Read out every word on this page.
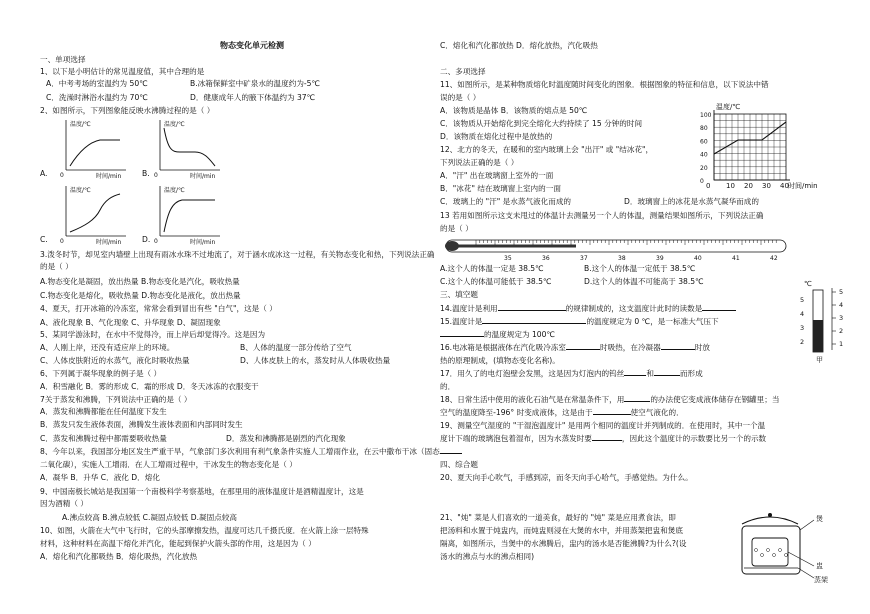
物态变化单元检测
一、单项选择
1、以下是小明估计的常见温度值，其中合理的是
A．中考考场的室温约为 50℃	B.冰箱保鲜室中矿泉水的温度约为-5℃
C．洗澡时淋浴水温约为 70℃	D．健康成年人的腋下体温约为 37℃
2、如图所示，下列图象能反映水沸腾过程的是（ ）
温度/℃
时间/min
0
A.
温度/℃
时间/min
0
B.
温度/℃
时间/min
0
C.
温度/℃
时间/min
0
D.
3.泼冬时节，却见室内墙壁上出现有雨冰水珠不过地流了，对于涵水成冰这一过程，有关物态变化和热，下列说法正确
的是（ ）
A.物态变化是凝固，放出热量 B.物态变化是汽化，吸收热量
C.物态变化是熔化，吸收热量 D.物态变化是液化，放出热量
4、夏天，打开冰箱的冷冻室，常常会看到冒出有些 "白气"，这是（ ）
A、液化现象 B、气化现象 C、升华现象 D、凝固现象
5、某同学游泳时，在水中不觉得冷，而上岸后却觉得冷。这是因为
A、人刚上岸，还没有适应岸上的环境。	B、人体的温度一部分传给了空气
C、人体皮肤附近的水蒸气，液化时吸收热量	D、人体皮肤上的水，蒸发时从人体吸收热量
6、下列属于凝华现象的例子是（ ）
A．积雪融化 B．雾的形成 C．霜的形成 D．冬天冰冻的衣服变干
7关于蒸发和沸腾，下列说法中正确的是（ ）
A．蒸发和沸腾都能在任何温度下发生
B．蒸发只发生液体表面，沸腾发生液体表面和内部同时发生
C．蒸发和沸腾过程中都需要吸收热量	D．蒸发和沸腾都是剧烈的汽化现象
8、今年以来，我国部分地区发生严重干旱，气象部门多次利用有利气象条件实施人工增雨作业，在云中撒布干冰（固态
二氧化碳），实施人工增雨．在人工增雨过程中，干冰发生的物态变化是（ ）
A．凝华 B．升华 C．液化 D．熔化
9、中国南极长城站是我国第一个南极科学考察基地，在那里用的液体温度计是酒精温度计，这是
因为酒精（ ）
A.沸点较高 B.沸点较低 C.凝固点较低 D.凝固点较高
10、如图，火箭在大气中飞行时，它的头部摩擦发热，温度可达几千摄氏度．在火箭上涂一层特殊
材料，这种材料在高温下熔化并汽化，能起到保护火箭头部的作用，这是因为（ ）
A．熔化和汽化都吸热 B．熔化吸热，汽化放热
C．熔化和汽化都放热 D．熔化放热，汽化吸热
二、多项选择
11、如图所示，是某种物质熔化时温度随时间变化的图象．根据图象的特征和信息，以下说法中错
误的是（ ）
A．该物质是晶体 B．该物质的熔点是 50℃
C．该物质从开始熔化到完全熔化大约持续了 15 分钟的时间
D．该物质在熔化过程中是放热的
12、北方的冬天，在暖和的室内玻璃上会 "出汗" 或 "结冰花"，
下列说法正确的是（ ）
A．"汗" 出在玻璃窗上室外的一面
B．"冰花" 结在玻璃窗上室内的一面
C．玻璃上的 "汗" 是水蒸气液化而成的	D．玻璃窗上的冰花是水蒸气凝华而成的
13 若用如图所示这支未甩过的体温计去测量另一个人的体温，测量结果如图所示，下列说法正确
的是（ ）
100
80
60
40
20
0
10 20 30 40
0
温度/℃
时间/min
35	36	37	38	39	40	41	42
A.这个人的体温一定是 38.5℃	B.这个人的体温一定低于 38.5℃
C.这个人的体温可能低于 38.5℃	D.这个人的体温不可能高于 38.5℃
三、填空题
14.温度计是利用	的规律制成的，这支温度计此时的读数是
15.温度计是	的温度规定为 0 ℃，是一标准大气压下
的温度规定为 100℃
16.电冰箱是根据液体在汽化吸冷冻室	时吸热，在冷凝器	时放
热的原理制成，(填物态变化名称)。
17．用久了的电灯泡壁会发黑，这是因为灯泡内的钨丝	和	而形成
的．
18、日常生活中使用的液化石油气是在常温条件下，用	的办法使它变成液体储存在钢罐里；当
空气的温度降至-196° 时变成液体，这是由于	使空气液化的．
19、测量空气湿度的 "干湿泡温度计" 是用两个相同的温度计并列制成的．在使用时，其中一个温
度计下端的玻璃泡包着湿布，因为水蒸发时要	，因此这个温度计的示数要比另一个的示数
四、综合题
20、夏天向手心吹气，手感到凉，而冬天向手心哈气，手感觉热。为什么。
21、"炖" 菜是人们喜欢的一道美食，最好的 "炖" 菜是应用煮食法，即
把汤料和水置于炖盅内，而炖盅则浸在大煲的水中，并用蒸架把盅和煲底
隔离，如图所示，当煲中的水沸腾后，盅内的汤水是否能沸腾?为什么?(设
汤水的沸点与水的沸点相同)
℃
5
4
3
2
甲
5
4
3
2
1
煲
盅
蒸架
